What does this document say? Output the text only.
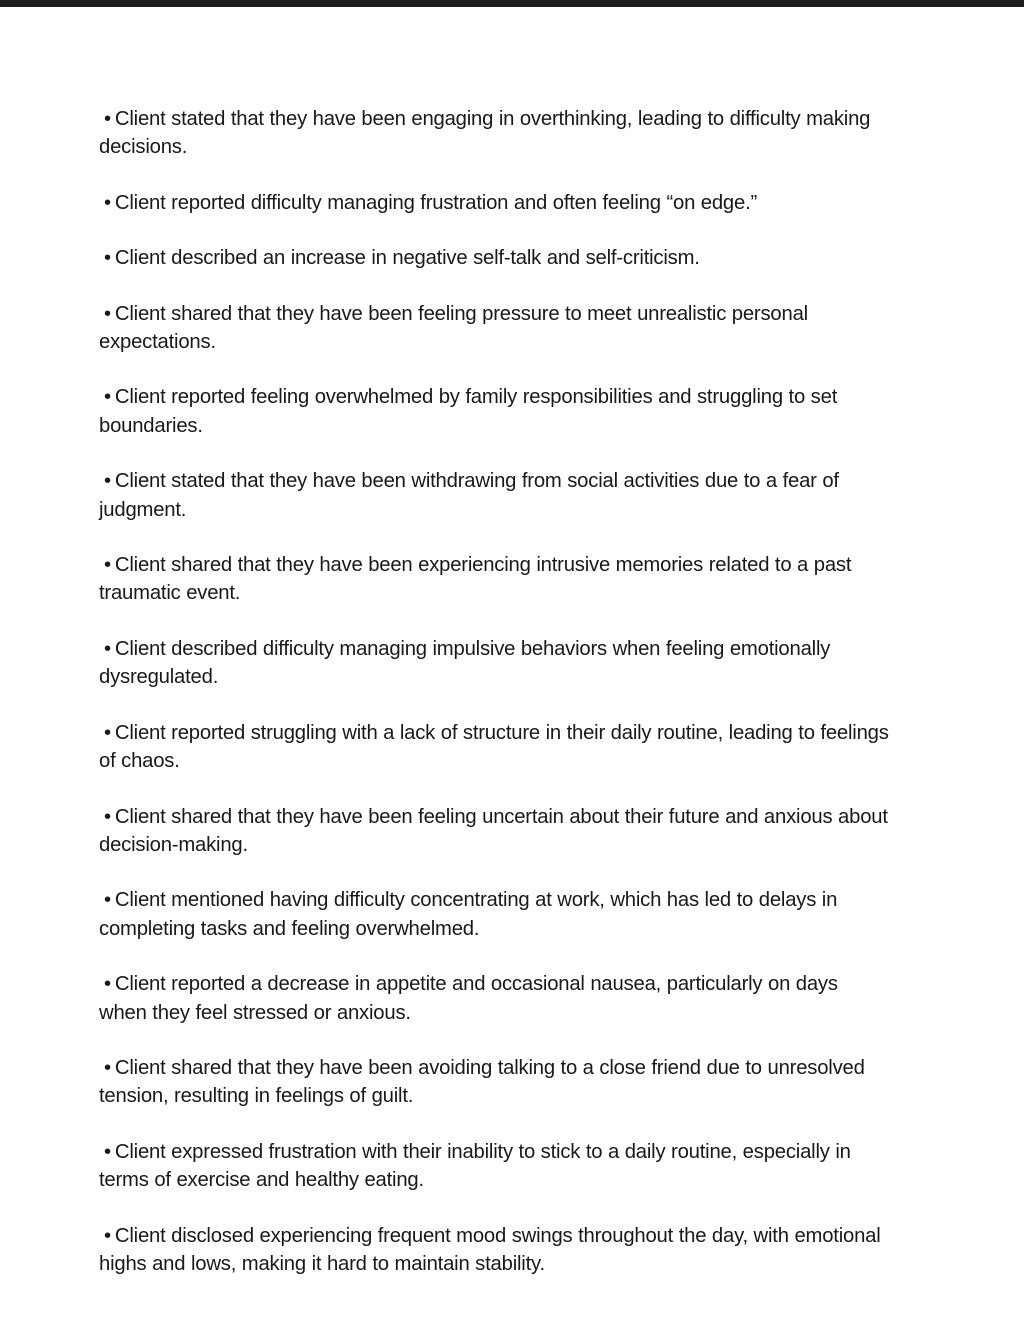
• Client stated that they have been engaging in overthinking, leading to difficulty making decisions.

• Client reported difficulty managing frustration and often feeling “on edge.”

• Client described an increase in negative self-talk and self-criticism.

• Client shared that they have been feeling pressure to meet unrealistic personal expectations.

• Client reported feeling overwhelmed by family responsibilities and struggling to set boundaries.

• Client stated that they have been withdrawing from social activities due to a fear of judgment.

• Client shared that they have been experiencing intrusive memories related to a past traumatic event.

• Client described difficulty managing impulsive behaviors when feeling emotionally dysregulated.

• Client reported struggling with a lack of structure in their daily routine, leading to feelings of chaos.

• Client shared that they have been feeling uncertain about their future and anxious about decision-making.

• Client mentioned having difficulty concentrating at work, which has led to delays in completing tasks and feeling overwhelmed.

• Client reported a decrease in appetite and occasional nausea, particularly on days when they feel stressed or anxious.

• Client shared that they have been avoiding talking to a close friend due to unresolved tension, resulting in feelings of guilt.

• Client expressed frustration with their inability to stick to a daily routine, especially in terms of exercise and healthy eating.

• Client disclosed experiencing frequent mood swings throughout the day, with emotional highs and lows, making it hard to maintain stability.
